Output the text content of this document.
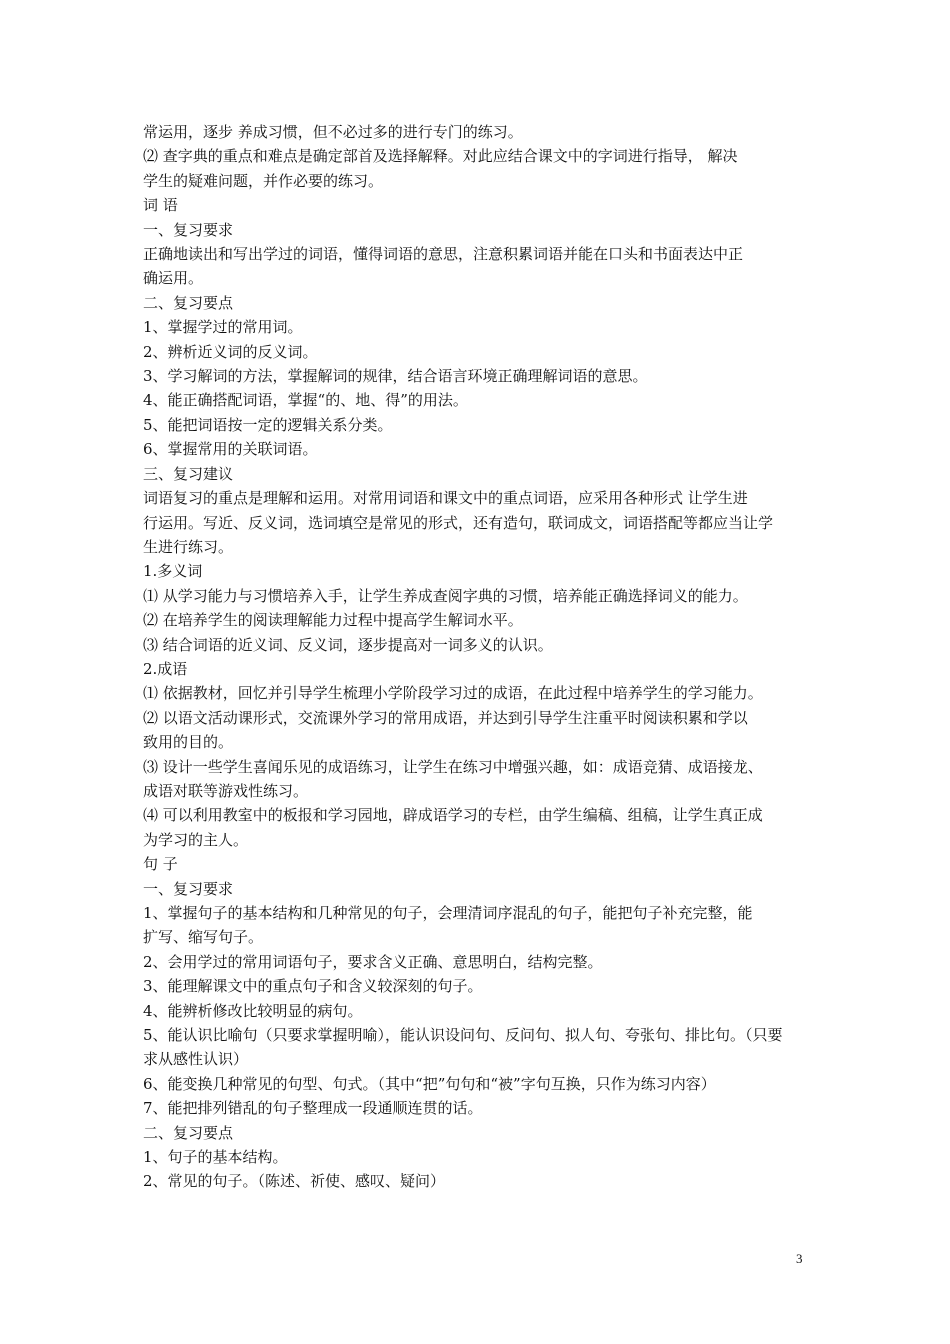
常运用，逐步 养成习惯，但不必过多的进行专门的练习。
⑵ 查字典的重点和难点是确定部首及选择解释。对此应结合课文中的字词进行指导， 解决
学生的疑难问题，并作必要的练习。
词 语
一、复习要求
正确地读出和写出学过的词语，懂得词语的意思，注意积累词语并能在口头和书面表达中正
确运用。
二、复习要点
1、掌握学过的常用词。
2、辨析近义词的反义词。
3、学习解词的方法，掌握解词的规律，结合语言环境正确理解词语的意思。
4、能正确搭配词语，掌握“的、地、得”的用法。
5、能把词语按一定的逻辑关系分类。
6、掌握常用的关联词语。
三、复习建议
词语复习的重点是理解和运用。对常用词语和课文中的重点词语，应采用各种形式 让学生进
行运用。写近、反义词，选词填空是常见的形式，还有造句，联词成文，词语搭配等都应当让学
生进行练习。
1.多义词
⑴ 从学习能力与习惯培养入手，让学生养成查阅字典的习惯，培养能正确选择词义的能力。
⑵ 在培养学生的阅读理解能力过程中提高学生解词水平。
⑶ 结合词语的近义词、反义词，逐步提高对一词多义的认识。
2.成语
⑴ 依据教材，回忆并引导学生梳理小学阶段学习过的成语，在此过程中培养学生的学习能力。
⑵ 以语文活动课形式，交流课外学习的常用成语，并达到引导学生注重平时阅读积累和学以
致用的目的。
⑶ 设计一些学生喜闻乐见的成语练习，让学生在练习中增强兴趣，如：成语竞猜、成语接龙、
成语对联等游戏性练习。
⑷ 可以利用教室中的板报和学习园地，辟成语学习的专栏，由学生编稿、组稿，让学生真正成
为学习的主人。
句 子
一、复习要求
1、掌握句子的基本结构和几种常见的句子，会理清词序混乱的句子，能把句子补充完整，能
扩写、缩写句子。
2、会用学过的常用词语句子，要求含义正确、意思明白，结构完整。
3、能理解课文中的重点句子和含义较深刻的句子。
4、能辨析修改比较明显的病句。
5、能认识比喻句（只要求掌握明喻），能认识设问句、反问句、拟人句、夸张句、排比句。（只要
求从感性认识）
6、能变换几种常见的句型、句式。（其中“把”句句和“被”字句互换，只作为练习内容）
7、能把排列错乱的句子整理成一段通顺连贯的话。
二、复习要点
1、句子的基本结构。
2、常见的句子。（陈述、祈使、感叹、疑问）
3
